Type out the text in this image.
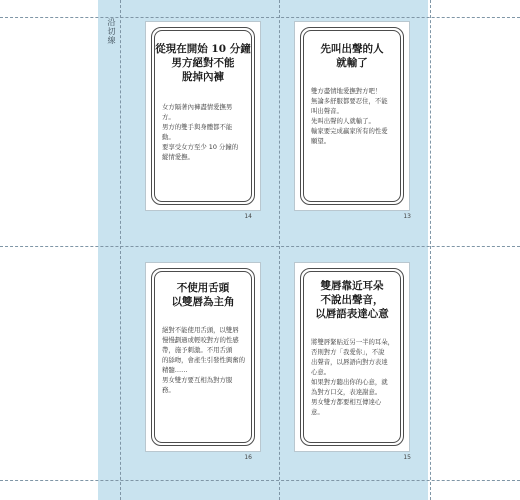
沿切線
從現在開始 10 分鐘
男方絕對不能
脫掉內褲
女方隔著內褲盡情愛撫男
方。
男方的雙手與身體都不能
動。
要享受女方至少 10 分鐘的
縱情愛撫。
14
先叫出聲的人
就輸了
雙方盡情地愛撫對方吧！
無論多舒服都要忍住，不能
叫出聲音。
先叫出聲的人就輸了。
輸家要完成贏家所有的性愛
願望。
13
不使用舌頭
以雙唇為主角
絕對不能使用舌頭，以雙唇
慢慢劃過或輕咬對方的性感
帶，施予刺激。不用舌頭
的舔吻，會產生引發性興奮的
精髓……
男女雙方要互相為對方服
務。
16
雙唇靠近耳朵
不說出聲音，
以唇語表達心意
將雙唇緊貼近另一半的耳朵，
否則對方「我愛你」，不說
出聲音，以唇語向對方表達
心意。
如果對方聽出你的心意，就
為對方口交，表達謝意。
男女雙方都要相互傳達心
意。
15
